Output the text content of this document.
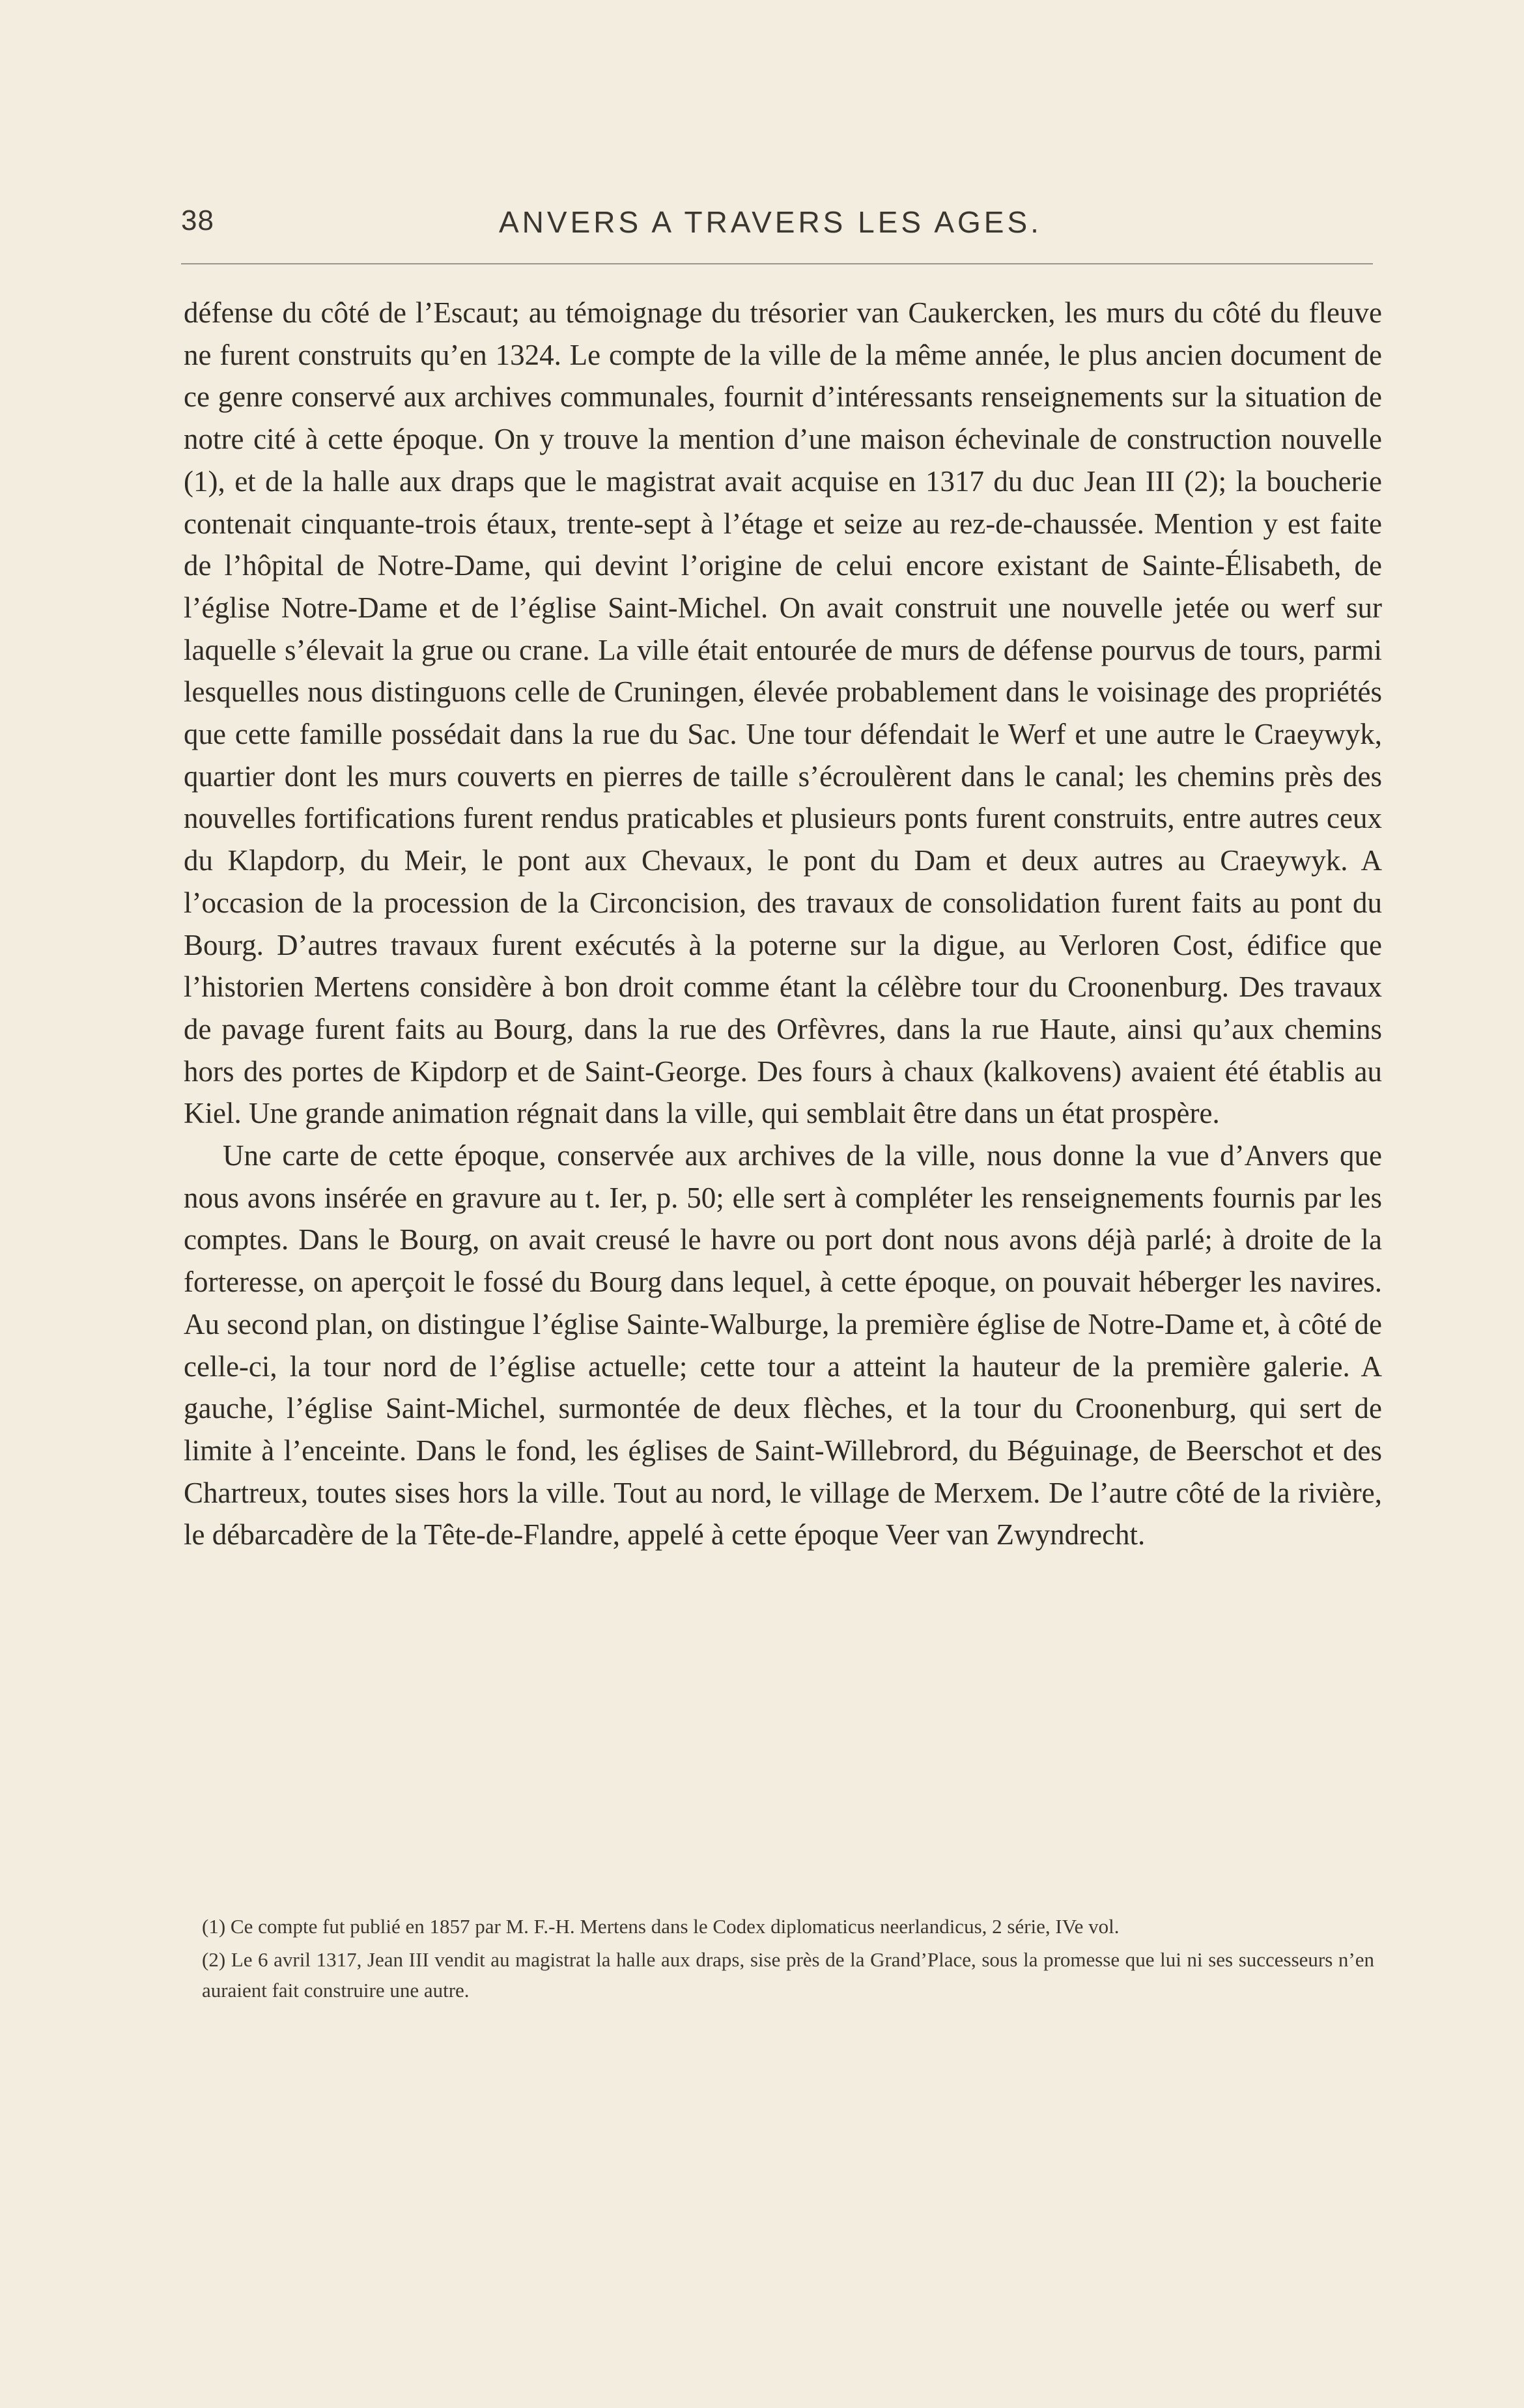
38	ANVERS A TRAVERS LES AGES.

défense du côté de l’Escaut; au témoignage du trésorier van Caukercken, les murs du côté du fleuve ne furent construits qu’en 1324. Le compte de la ville de la même année, le plus ancien document de ce genre conservé aux archives communales, fournit d’intéressants renseignements sur la situation de notre cité à cette époque. On y trouve la mention d’une maison échevinale de construction nouvelle (1), et de la halle aux draps que le magistrat avait acquise en 1317 du duc Jean III (2); la boucherie contenait cinquante-trois étaux, trente-sept à l’étage et seize au rez-de-chaussée. Mention y est faite de l’hôpital de Notre-Dame, qui devint l’origine de celui encore existant de Sainte-Élisabeth, de l’église Notre-Dame et de l’église Saint-Michel. On avait construit une nouvelle jetée ou werf sur laquelle s’élevait la grue ou crane. La ville était entourée de murs de défense pourvus de tours, parmi lesquelles nous distinguons celle de Cruningen, élevée probablement dans le voisinage des propriétés que cette famille possédait dans la rue du Sac. Une tour défendait le Werf et une autre le Craeywyk, quartier dont les murs couverts en pierres de taille s’écroulèrent dans le canal; les chemins près des nouvelles fortifications furent rendus praticables et plusieurs ponts furent construits, entre autres ceux du Klapdorp, du Meir, le pont aux Chevaux, le pont du Dam et deux autres au Craeywyk. A l’occasion de la procession de la Circoncision, des travaux de consolidation furent faits au pont du Bourg. D’autres travaux furent exécutés à la poterne sur la digue, au Verloren Cost, édifice que l’historien Mertens considère à bon droit comme étant la célèbre tour du Croonenburg. Des travaux de pavage furent faits au Bourg, dans la rue des Orfèvres, dans la rue Haute, ainsi qu’aux chemins hors des portes de Kipdorp et de Saint-George. Des fours à chaux (kalkovens) avaient été établis au Kiel. Une grande animation régnait dans la ville, qui semblait être dans un état prospère.

Une carte de cette époque, conservée aux archives de la ville, nous donne la vue d’Anvers que nous avons insérée en gravure au t. Ier, p. 50; elle sert à compléter les renseignements fournis par les comptes. Dans le Bourg, on avait creusé le havre ou port dont nous avons déjà parlé; à droite de la forteresse, on aperçoit le fossé du Bourg dans lequel, à cette époque, on pouvait héberger les navires. Au second plan, on distingue l’église Sainte-Walburge, la première église de Notre-Dame et, à côté de celle-ci, la tour nord de l’église actuelle; cette tour a atteint la hauteur de la première galerie. A gauche, l’église Saint-Michel, surmontée de deux flèches, et la tour du Croonenburg, qui sert de limite à l’enceinte. Dans le fond, les églises de Saint-Willebrord, du Béguinage, de Beerschot et des Chartreux, toutes sises hors la ville. Tout au nord, le village de Merxem. De l’autre côté de la rivière, le débarcadère de la Tête-de-Flandre, appelé à cette époque Veer van Zwyndrecht.

(1) Ce compte fut publié en 1857 par M. F.-H. Mertens dans le Codex diplomaticus neerlandicus, 2 série, IVe vol.

(2) Le 6 avril 1317, Jean III vendit au magistrat la halle aux draps, sise près de la Grand’Place, sous la promesse que lui ni ses successeurs n’en auraient fait construire une autre.
